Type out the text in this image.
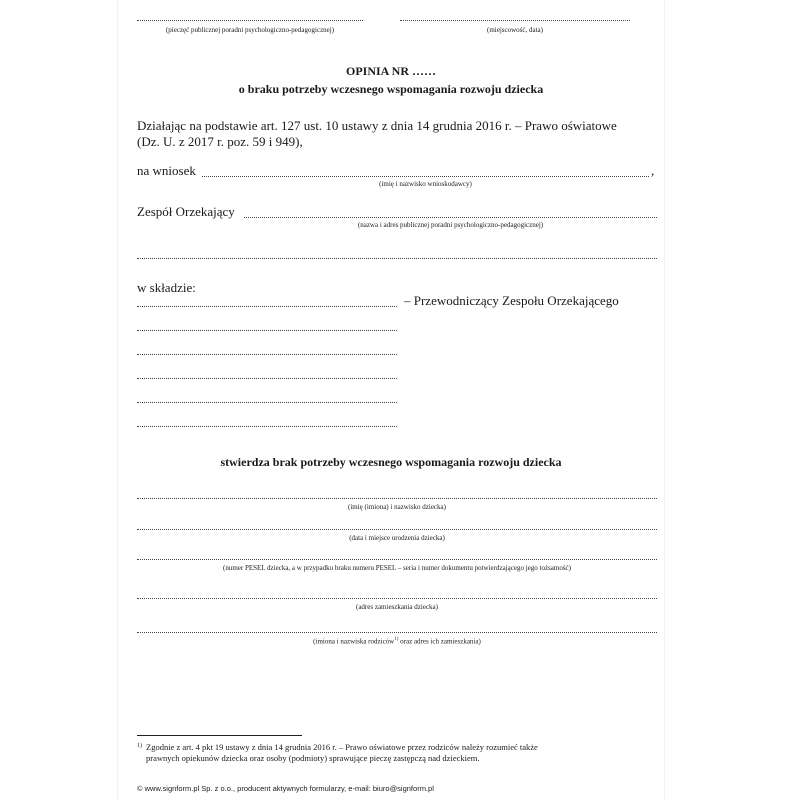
(pieczęć publicznej poradni psychologiczno-pedagogicznej)	(miejscowość, data)
OPINIA NR ……
o braku potrzeby wczesnego wspomagania rozwoju dziecka
Działając na podstawie art. 127 ust. 10 ustawy z dnia 14 grudnia 2016 r. – Prawo oświatowe
(Dz. U. z 2017 r. poz. 59 i 949),
na wniosek	,
(imię i nazwisko wnioskodawcy)
Zespół Orzekający
(nazwa i adres publicznej poradni psychologiczno-pedagogicznej)
w składzie:
– Przewodniczący Zespołu Orzekającego
stwierdza brak potrzeby wczesnego wspomagania rozwoju dziecka
(imię (imiona) i nazwisko dziecka)
(data i miejsce urodzenia dziecka)
(numer PESEL dziecka, a w przypadku braku numeru PESEL – seria i numer dokumentu potwierdzającego jego tożsamość)
(adres zamieszkania dziecka)
(imiona i nazwiska rodziców$^{1)}$ oraz adres ich zamieszkania)
$^{1)}$ Zgodnie z art. 4 pkt 19 ustawy z dnia 14 grudnia 2016 r. – Prawo oświatowe przez rodziców należy rozumieć także
prawnych opiekunów dziecka oraz osoby (podmioty) sprawujące pieczę zastępczą nad dzieckiem.
© www.signform.pl Sp. z o.o., producent aktywnych formularzy, e-mail: biuro@signform.pl
